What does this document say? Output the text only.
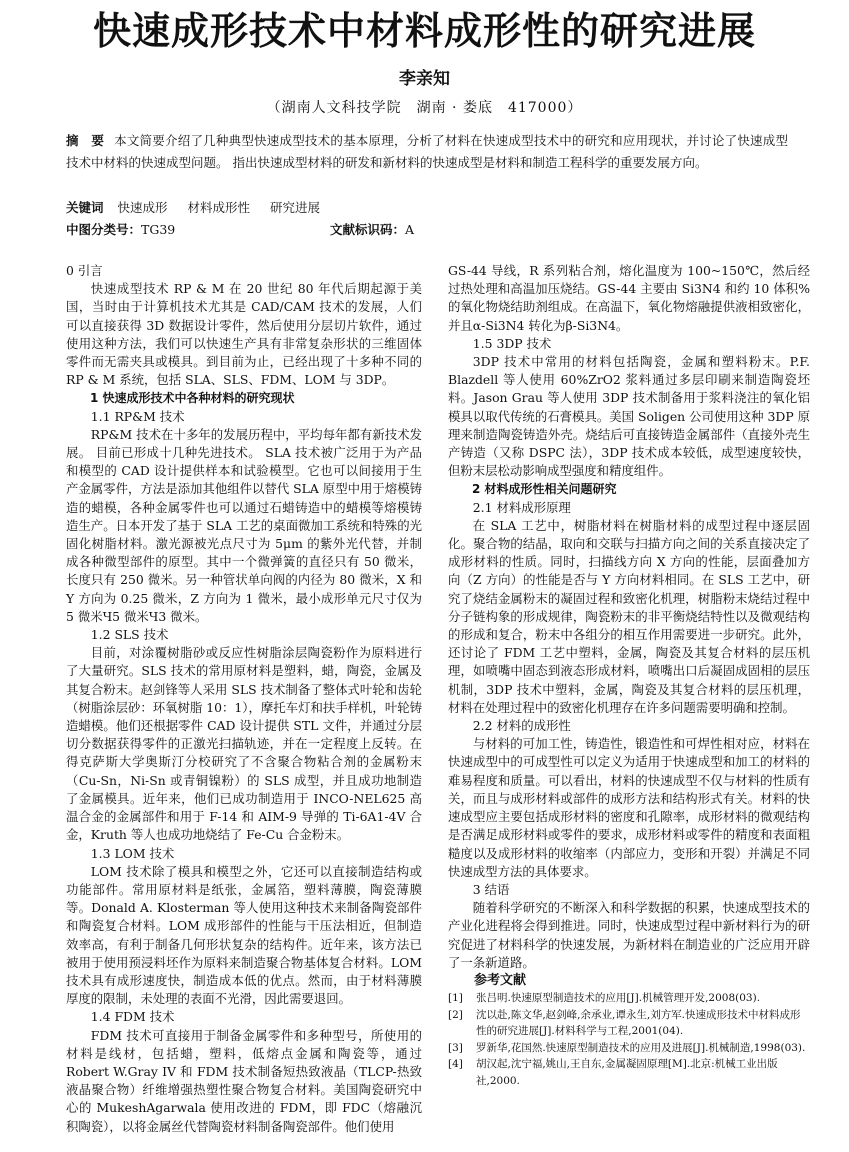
快速成形技术中材料成形性的研究进展
李亲知
（湖南人文科技学院　湖南 · 娄底　417000）
摘　要 本文简要介绍了几种典型快速成型技术的基本原理，分析了材料在快速成型技术中的研究和应用现状，并讨论了快速成型技术中材料的快速成型问题。 指出快速成型材料的研发和新材料的快速成型是材料和制造工程科学的重要发展方向。
关键词 快速成形 材料成形性 研究进展
中图分类号：TG39	文献标识码：A

0 引言

快速成型技术 RP & M 在 20 世纪 80 年代后期起源于美国，当时由于计算机技术尤其是 CAD/CAM 技术的发展，人们可以直接获得 3D 数据设计零件，然后使用分层切片软件，通过使用这种方法，我们可以快速生产具有非常复杂形状的三维固体零件而无需夹具或模具。到目前为止，已经出现了十多种不同的 RP & M 系统，包括 SLA、SLS、FDM、LOM 与 3DP。

1 快速成形技术中各种材料的研究现状

1.1 RP&M 技术

RP&M 技术在十多年的发展历程中，平均每年都有新技术发展。 目前已形成十几种先进技术。 SLA 技术被广泛用于为产品和模型的 CAD 设计提供样本和试验模型。它也可以间接用于生产金属零件，方法是添加其他组件以替代 SLA 原型中用于熔模铸造的蜡模，各种金属零件也可以通过石蜡铸造中的蜡模等熔模铸造生产。日本开发了基于 SLA 工艺的桌面微加工系统和特殊的光固化树脂材料。激光源被光点尺寸为 5μm 的紫外光代替，并制成各种微型部件的原型。其中一个微弹簧的直径只有 50 微米，长度只有 250 微米。另一种管状单向阀的内径为 80 微米，X 和 Y 方向为 0.25 微米，Z 方向为 1 微米，最小成形单元尺寸仅为 5 微米Ч5 微米Ч3 微米。

1.2 SLS 技术

目前，对涂覆树脂砂或反应性树脂涂层陶瓷粉作为原料进行了大量研究。SLS 技术的常用原材料是塑料，蜡，陶瓷，金属及其复合粉末。赵剑锋等人采用 SLS 技术制备了整体式叶轮和齿轮（树脂涂层砂：环氧树脂 10：1），摩托车灯和扶手样机，叶轮铸造蜡模。他们还根据零件 CAD 设计提供 STL 文件，并通过分层切分数据获得零件的正激光扫描轨迹，并在一定程度上反转。在得克萨斯大学奥斯汀分校研究了不含聚合物粘合剂的金属粉末（Cu-Sn，Ni-Sn 或青铜镍粉）的 SLS 成型，并且成功地制造了金属模具。近年来，他们已成功制造用于 INCO-NEL625 高温合金的金属部件和用于 F-14 和 AIM-9 导弹的 Ti-6A1-4V 合金，Kruth 等人也成功地烧结了 Fe-Cu 合金粉末。

1.3 LOM 技术

LOM 技术除了模具和模型之外，它还可以直接制造结构或功能部件。常用原材料是纸张，金属箔，塑料薄膜，陶瓷薄膜等。Donald A. Klosterman 等人使用这种技术来制备陶瓷部件和陶瓷复合材料。LOM 成形部件的性能与干压法相近，但制造效率高，有利于制备几何形状复杂的结构件。近年来，该方法已被用于使用预浸料坯作为原料来制造聚合物基体复合材料。LOM 技术具有成形速度快，制造成本低的优点。然而，由于材料薄膜厚度的限制，未处理的表面不光滑，因此需要退回。

1.4 FDM 技术

FDM 技术可直接用于制备金属零件和多种型号，所使用的材料是线材，包括蜡，塑料，低熔点金属和陶瓷等，通过 Robert W.Gray IV 和 FDM 技术制备短热致液晶（TLCP-热致液晶聚合物）纤维增强热塑性聚合物复合材料。美国陶瓷研究中心的 MukeshAgarwala 使用改进的 FDM，即 FDC（熔融沉积陶瓷），以将金属丝代替陶瓷材料制备陶瓷部件。他们使用

GS-44 导线，R 系列粘合剂，熔化温度为 100~150℃，然后经过热处理和高温加压烧结。GS-44 主要由 Si3N4 和约 10 体积% 的氧化物烧结助剂组成。在高温下，氧化物熔融提供液相致密化，并且α-Si3N4 转化为β-Si3N4。

1.5 3DP 技术

3DP 技术中常用的材料包括陶瓷，金属和塑料粉末。P.F. Blazdell 等人使用 60%ZrO2 浆料通过多层印刷来制造陶瓷坯料。Jason Grau 等人使用 3DP 技术制备用于浆料浇注的氧化铝模具以取代传统的石膏模具。美国 Soligen 公司使用这种 3DP 原理来制造陶瓷铸造外壳。烧结后可直接铸造金属部件（直接外壳生产铸造（又称 DSPC 法），3DP 技术成本较低，成型速度较快，但粉末层松动影响成型强度和精度组件。

2 材料成形性相关问题研究

2.1 材料成形原理

在 SLA 工艺中，树脂材料在树脂材料的成型过程中逐层固化。聚合物的结晶，取向和交联与扫描方向之间的关系直接决定了成形材料的性质。同时，扫描线方向 X 方向的性能，层面叠加方向（Z 方向）的性能是否与 Y 方向材料相同。在 SLS 工艺中，研究了烧结金属粉末的凝固过程和致密化机理，树脂粉末烧结过程中分子链构象的形成规律，陶瓷粉末的非平衡烧结特性以及微观结构的形成和复合，粉末中各组分的相互作用需要进一步研究。此外，还讨论了 FDM 工艺中塑料，金属，陶瓷及其复合材料的层压机理，如喷嘴中固态到液态形成材料，喷嘴出口后凝固成固相的层压机制，3DP 技术中塑料，金属，陶瓷及其复合材料的层压机理，材料在处理过程中的致密化机理存在许多问题需要明确和控制。

2.2 材料的成形性

与材料的可加工性，铸造性，锻造性和可焊性相对应，材料在快速成型中的可成型性可以定义为适用于快速成型和加工的材料的难易程度和质量。可以看出，材料的快速成型不仅与材料的性质有关，而且与成形材料或部件的成形方法和结构形式有关。材料的快速成型应主要包括成形材料的密度和孔隙率，成形材料的微观结构是否满足成形材料或零件的要求，成形材料或零件的精度和表面粗糙度以及成形材料的收缩率（内部应力，变形和开裂）并满足不同快速成型方法的具体要求。

3 结语

随着科学研究的不断深入和科学数据的积累，快速成型技术的产业化进程将会得到推进。同时，快速成型过程中新材料行为的研究促进了材料科学的快速发展，为新材料在制造业的广泛应用开辟了一条新道路。

参考文献

[1]	张吕明.快速原型制造技术的应用[J].机械管理开发,2008(03).
[2]	沈以赴,陈文华,赵剑峰,余承业,谭永生,刘方军.快速成形技术中材料成形性的研究进展[J].材料科学与工程,2001(04).
[3]	罗新华,花国然.快速原型制造技术的应用及进展[J].机械制造,1998(03).
[4]	胡汉起,沈宁福,姚山,王自东,金属凝固原理[M].北京:机械工业出版社,2000.
